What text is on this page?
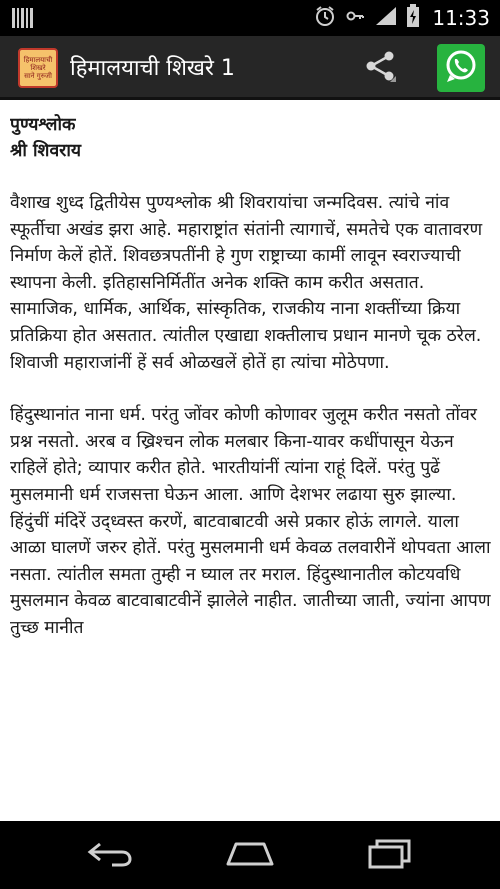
11:33
हिमालयाची
शिखरे
साने गुरुजी हिमालयाची शिखरे 1
पुण्यश्लोक
श्री शिवराय

वैशाख शुध्द द्वितीयेस पुण्यश्लोक श्री शिवरायांचा जन्मदिवस. त्यांचे नांव स्फूर्तीचा अखंड झरा आहे. महाराष्ट्रांत संतांनी त्यागाचें, समतेचे एक वातावरण निर्माण केलें होतें. शिवछत्रपतींनी हे गुण राष्ट्राच्या कामीं लावून स्वराज्याची स्थापना केली. इतिहासनिर्मितींत अनेक शक्ति काम करीत असतात. सामाजिक, धार्मिक, आर्थिक, सांस्कृतिक, राजकीय नाना शक्तींच्या क्रिया प्रतिक्रिया होत असतात. त्यांतील एखाद्या शक्तीलाच प्रधान मानणे चूक ठरेल. शिवाजी महाराजांनीं हें सर्व ओळखलें होतें हा त्यांचा मोठेपणा.

हिंदुस्थानांत नाना धर्म. परंतु जोंवर कोणी कोणावर जुलूम करीत नसतो तोंवर प्रश्न नसतो. अरब व ख्रिश्चन लोक मलबार किना-यावर कधींपासून येऊन राहिलें होते; व्यापार करीत होते. भारतीयांनीं त्यांना राहूं दिलें. परंतु पुढें मुसलमानी धर्म राजसत्ता घेऊन आला. आणि देशभर लढाया सुरु झाल्या. हिंदुंचीं मंदिरें उद्ध्वस्त करणें, बाटवाबाटवी असे प्रकार होऊं लागले. याला आळा घालणें जरुर होतें. परंतु मुसलमानी धर्म केवळ तलवारीनें थोपवता आला नसता. त्यांतील समता तुम्ही न घ्याल तर मराल. हिंदुस्थानातील कोटयवधि मुसलमान केवळ बाटवाबाटवीनें झालेले नाहीत. जातीच्या जाती, ज्यांना आपण तुच्छ मानीत
